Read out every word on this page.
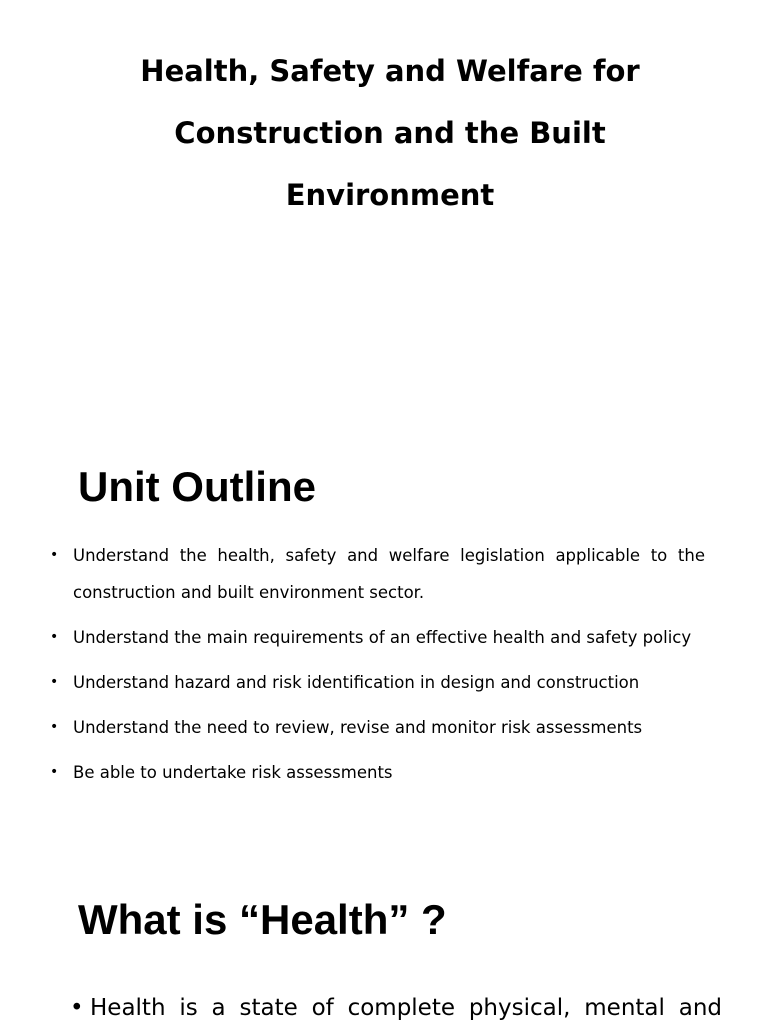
Health, Safety and Welfare for
Construction and the Built
Environment
Unit Outline
• Understand the health, safety and welfare legislation applicable to the construction and built environment sector.
• Understand the main requirements of an effective health and safety policy
• Understand hazard and risk identification in design and construction
• Understand the need to review, revise and monitor risk assessments
• Be able to undertake risk assessments
What is “Health” ?
• Health is a state of complete physical, mental and
